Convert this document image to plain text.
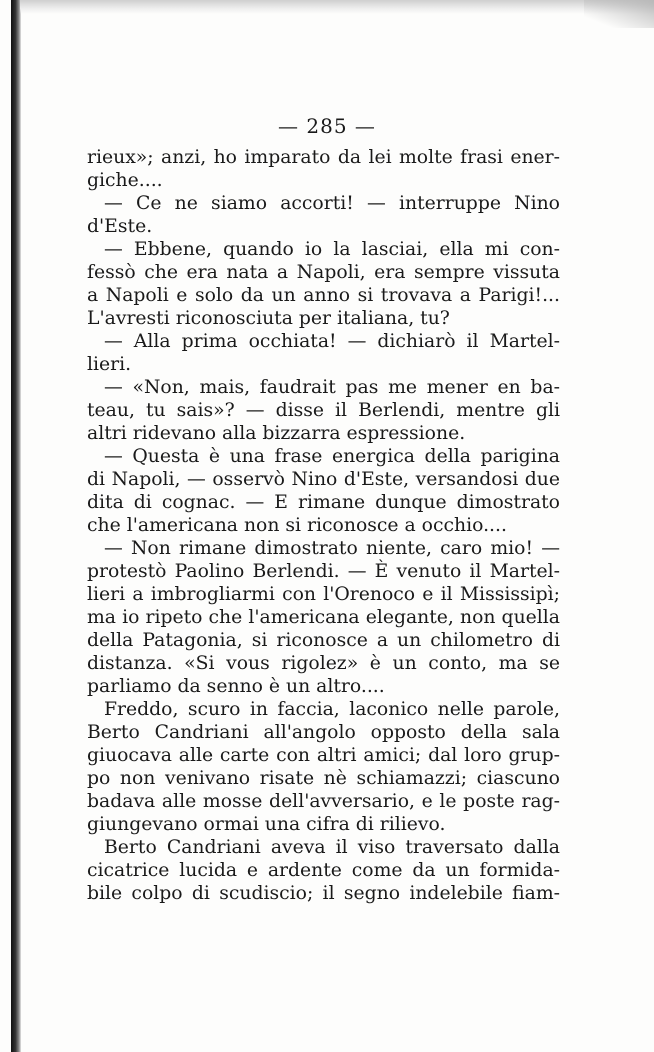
— 285 —
rieux»; anzi, ho imparato da lei molte frasi ener-
giche....
— Ce ne siamo accorti! — interruppe Nino
d'Este.
— Ebbene, quando io la lasciai, ella mi con-
fessò che era nata a Napoli, era sempre vissuta
a Napoli e solo da un anno si trovava a Parigi!...
L'avresti riconosciuta per italiana, tu?
— Alla prima occhiata! — dichiarò il Martel-
lieri.
— «Non, mais, faudrait pas me mener en ba-
teau, tu sais»? — disse il Berlendi, mentre gli
altri ridevano alla bizzarra espressione.
— Questa è una frase energica della parigina
di Napoli, — osservò Nino d'Este, versandosi due
dita di cognac. — E rimane dunque dimostrato
che l'americana non si riconosce a occhio....
— Non rimane dimostrato niente, caro mio! —
protestò Paolino Berlendi. — È venuto il Martel-
lieri a imbrogliarmi con l'Orenoco e il Mississipì;
ma io ripeto che l'americana elegante, non quella
della Patagonia, si riconosce a un chilometro di
distanza. «Si vous rigolez» è un conto, ma se
parliamo da senno è un altro....
Freddo, scuro in faccia, laconico nelle parole,
Berto Candriani all'angolo opposto della sala
giuocava alle carte con altri amici; dal loro grup-
po non venivano risate nè schiamazzi; ciascuno
badava alle mosse dell'avversario, e le poste rag-
giungevano ormai una cifra di rilievo.
Berto Candriani aveva il viso traversato dalla
cicatrice lucida e ardente come da un formida-
bile colpo di scudiscio; il segno indelebile fiam-
